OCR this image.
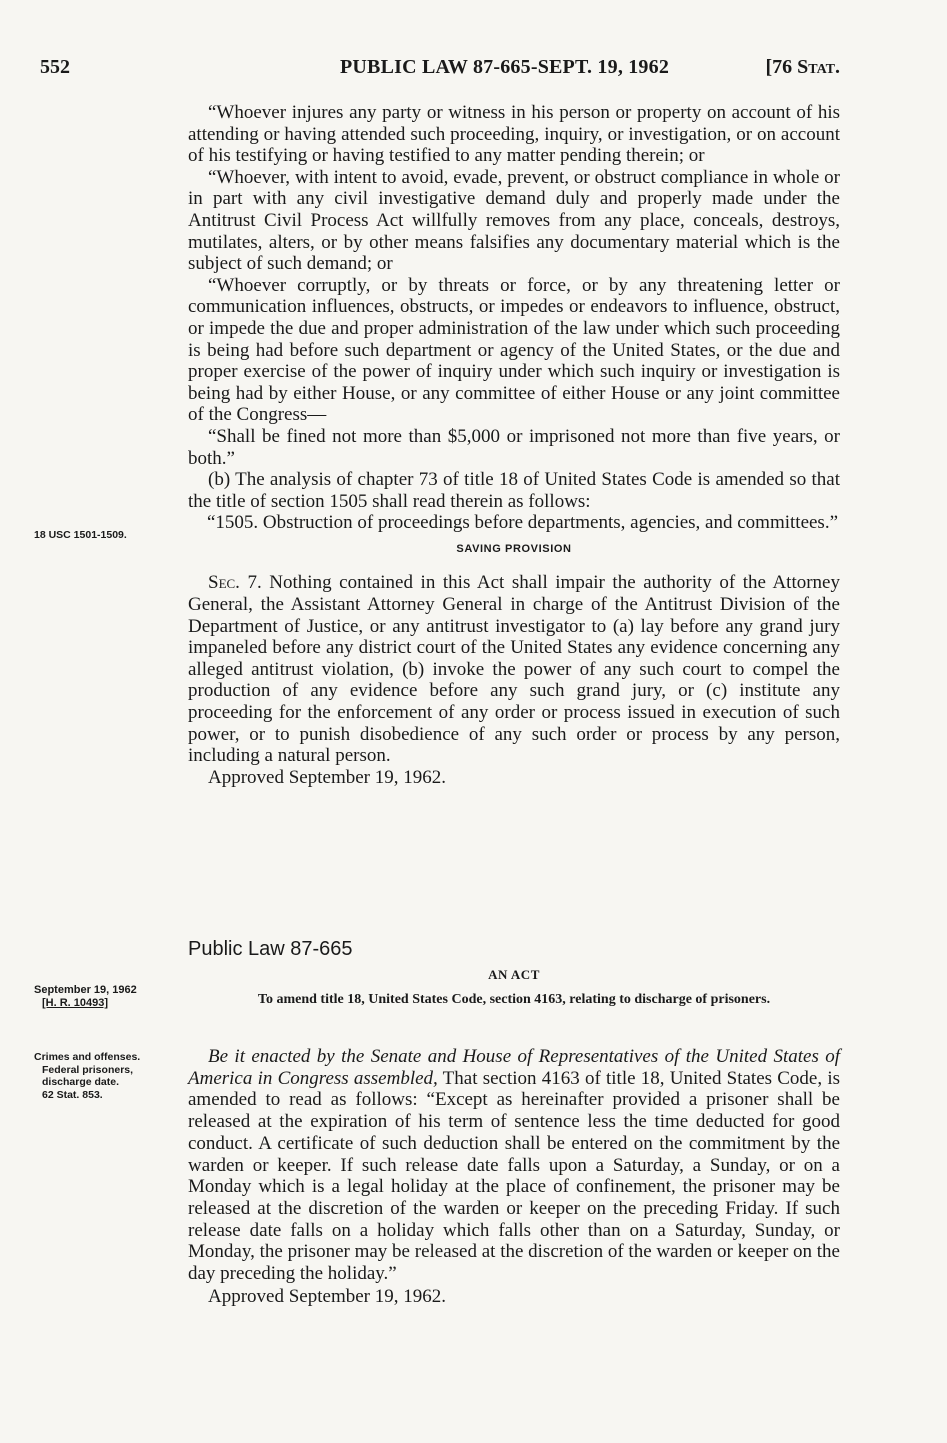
552	PUBLIC LAW 87-665-SEPT. 19, 1962	[76 Stat.

“Whoever injures any party or witness in his person or property on account of his attending or having attended such proceeding, inquiry, or investigation, or on account of his testifying or having testified to any matter pending therein; or

“Whoever, with intent to avoid, evade, prevent, or obstruct compliance in whole or in part with any civil investigative demand duly and properly made under the Antitrust Civil Process Act willfully removes from any place, conceals, destroys, mutilates, alters, or by other means falsifies any documentary material which is the subject of such demand; or

“Whoever corruptly, or by threats or force, or by any threatening letter or communication influences, obstructs, or impedes or endeavors to influence, obstruct, or impede the due and proper administration of the law under which such proceeding is being had before such department or agency of the United States, or the due and proper exercise of the power of inquiry under which such inquiry or investigation is being had by either House, or any committee of either House or any joint committee of the Congress—

“Shall be fined not more than $5,000 or imprisoned not more than five years, or both.”

(b) The analysis of chapter 73 of title 18 of United States Code is amended so that the title of section 1505 shall read therein as follows:

“1505. Obstruction of proceedings before departments, agencies, and committees.”

SAVING PROVISION

Sec. 7. Nothing contained in this Act shall impair the authority of the Attorney General, the Assistant Attorney General in charge of the Antitrust Division of the Department of Justice, or any antitrust investigator to (a) lay before any grand jury impaneled before any district court of the United States any evidence concerning any alleged antitrust violation, (b) invoke the power of any such court to compel the production of any evidence before any such grand jury, or (c) institute any proceeding for the enforcement of any order or process issued in execution of such power, or to punish disobedience of any such order or process by any person, including a natural person.

Approved September 19, 1962.

18 USC 1501-1509.
September 19, 1962
[H. R. 10493]
Crimes and offenses.
Federal prisoners, discharge date.
62 Stat. 853.
Public Law 87-665
AN ACT
To amend title 18, United States Code, section 4163, relating to discharge of prisoners.

Be it enacted by the Senate and House of Representatives of the United States of America in Congress assembled, That section 4163 of title 18, United States Code, is amended to read as follows: “Except as hereinafter provided a prisoner shall be released at the expiration of his term of sentence less the time deducted for good conduct. A certificate of such deduction shall be entered on the commitment by the warden or keeper. If such release date falls upon a Saturday, a Sunday, or on a Monday which is a legal holiday at the place of confinement, the prisoner may be released at the discretion of the warden or keeper on the preceding Friday. If such release date falls on a holiday which falls other than on a Saturday, Sunday, or Monday, the prisoner may be released at the discretion of the warden or keeper on the day preceding the holiday.”

Approved September 19, 1962.
